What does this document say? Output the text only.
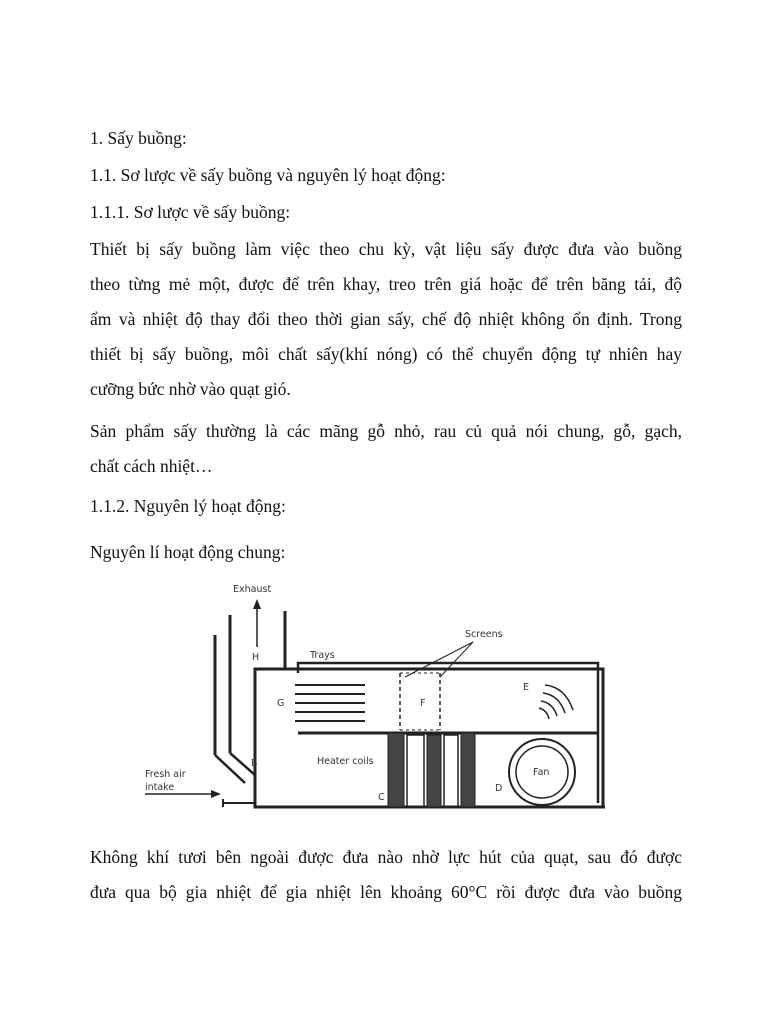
1. Sấy buồng:

1.1. Sơ lược về sấy buồng và nguyên lý hoạt động:

1.1.1. Sơ lược về sấy buồng:

Thiết bị sấy buồng làm việc theo chu kỳ, vật liệu sấy được đưa vào buồng
theo từng mẻ một, được để trên khay, treo trên giá hoặc để trên băng tải, độ
ẩm và nhiệt độ thay đổi theo thời gian sấy, chế độ nhiệt không ổn định. Trong
thiết bị sấy buồng, môi chất sấy(khí nóng) có thể chuyển động tự nhiên hay
cưỡng bức nhờ vào quạt gió.
Sản phẩm sấy thường là các mãng gỗ nhỏ, rau củ quả nói chung, gỗ, gạch,
chất cách nhiệt…

1.1.2. Nguyên lý hoạt động:

Nguyên lí hoạt động chung:

Exhaust
H	Trays
G
Screens
F
E
Heater coils
C
Fan
D
Fresh air
intake
B
Không khí tươi bên ngoài được đưa nào nhờ lực hút của quạt, sau đó được
đưa qua bộ gia nhiệt để gia nhiệt lên khoảng 60°C rồi được đưa vào buồng
